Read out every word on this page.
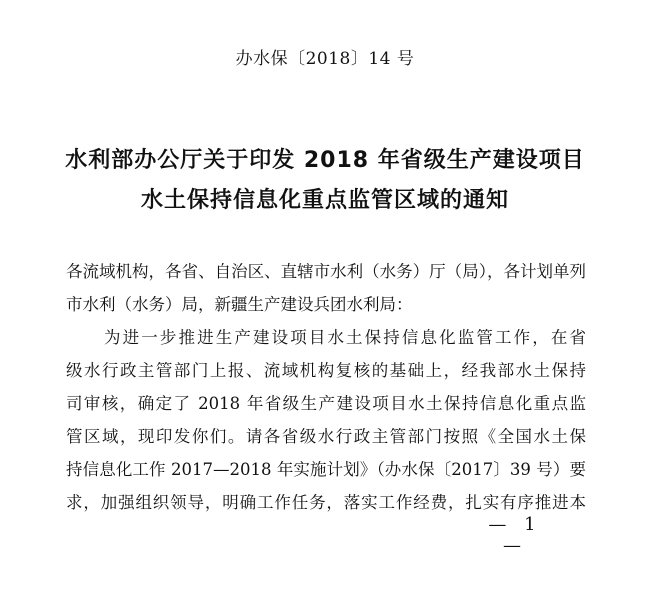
办水保〔2018〕14 号
水利部办公厅关于印发 2018 年省级生产建设项目
水土保持信息化重点监管区域的通知
各流域机构，各省、自治区、直辖市水利（水务）厅（局），各计划单列
市水利（水务）局，新疆生产建设兵团水利局：
为进一步推进生产建设项目水土保持信息化监管工作，在省
级水行政主管部门上报、流域机构复核的基础上，经我部水土保持
司审核，确定了 2018 年省级生产建设项目水土保持信息化重点监
管区域，现印发你们。请各省级水行政主管部门按照《全国水土保
持信息化工作 2017—2018 年实施计划》（办水保〔2017〕39 号）要
求，加强组织领导，明确工作任务，落实工作经费，扎实有序推进本
— 1 —
